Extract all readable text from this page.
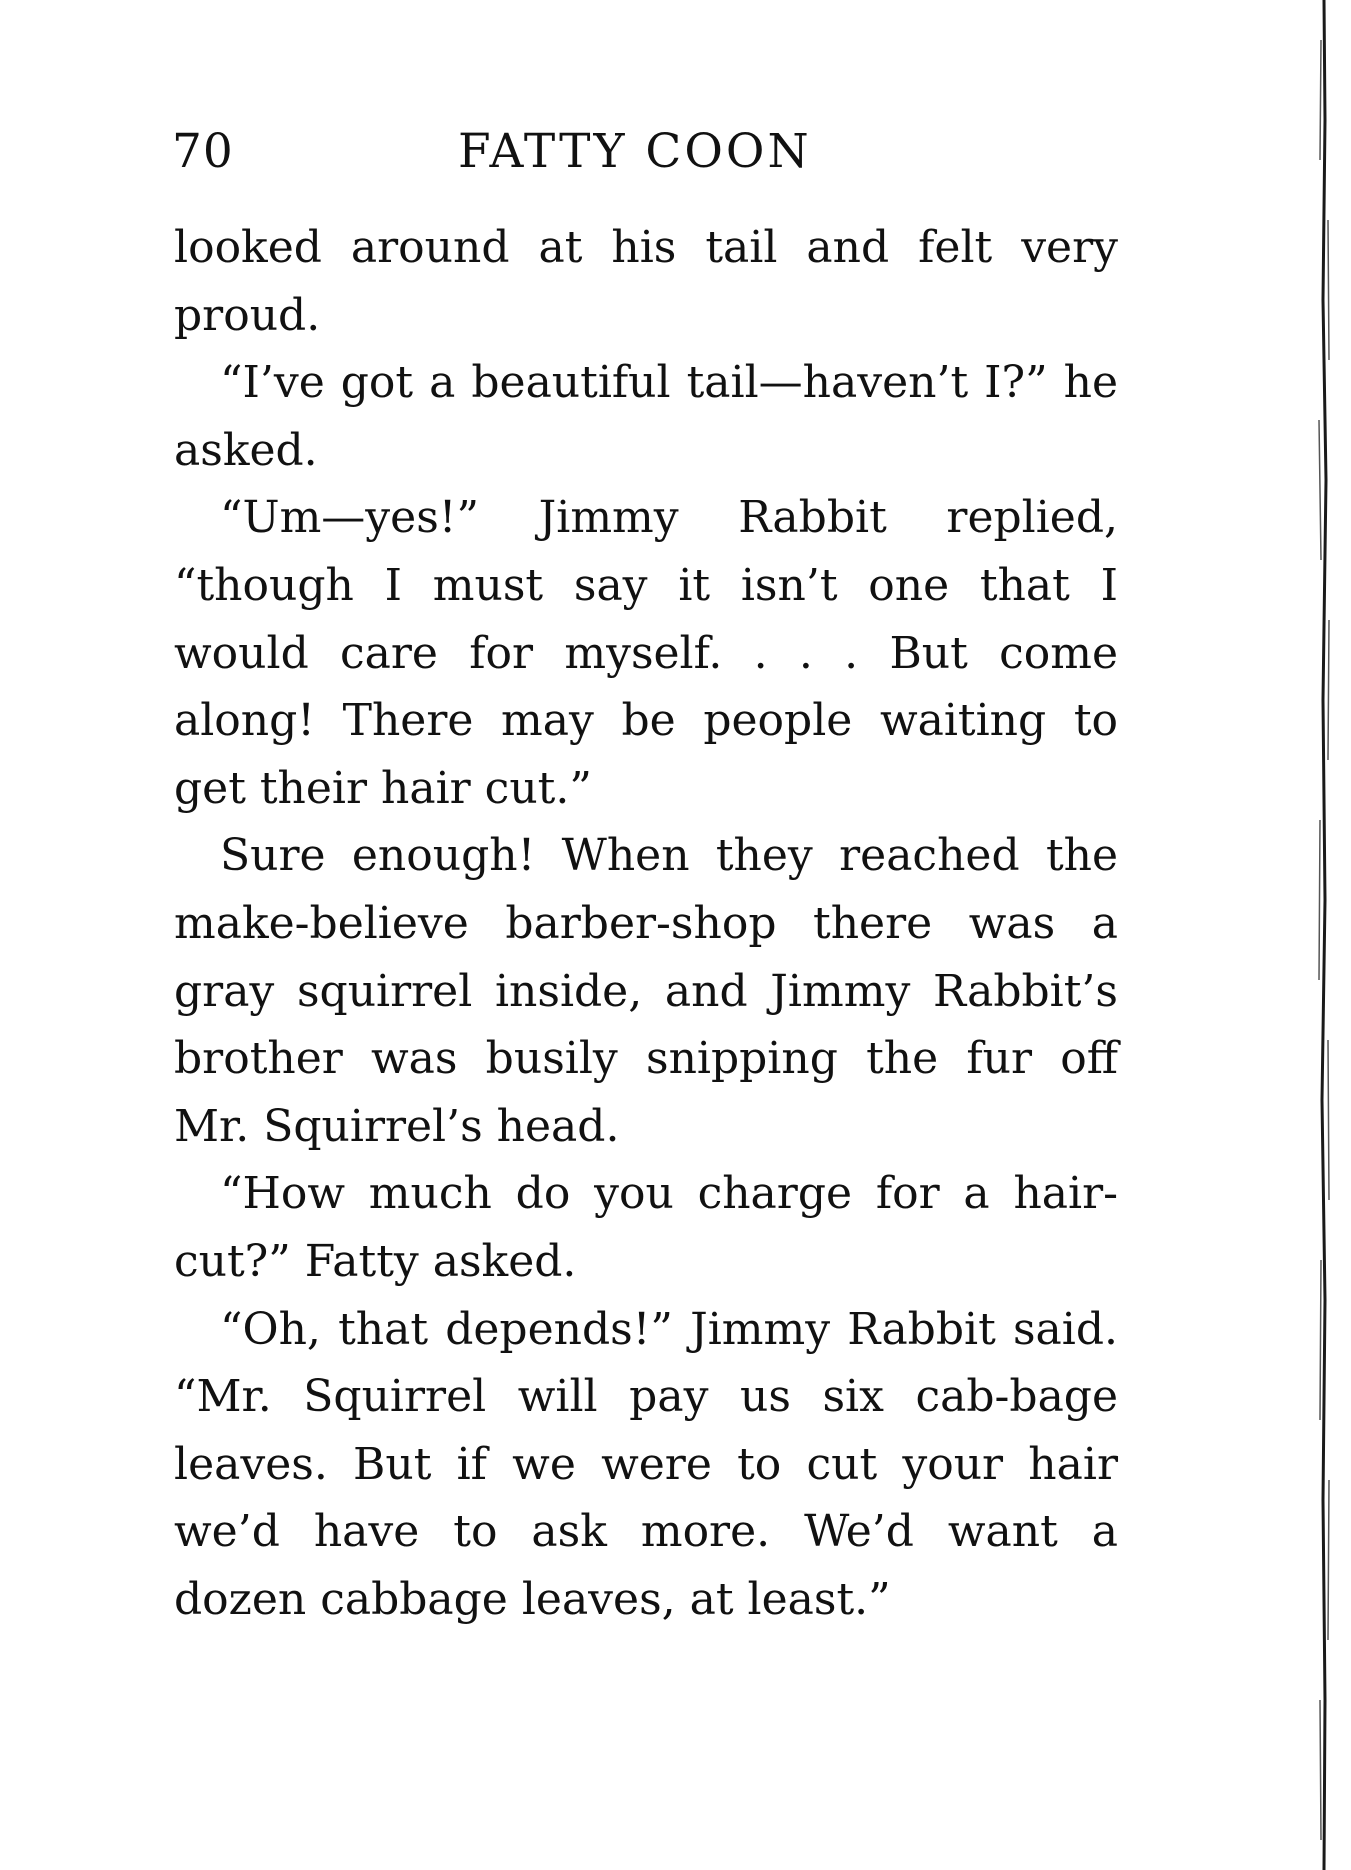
70	FATTY COON

looked around at his tail and felt very proud.

“I’ve got a beautiful tail—haven’t I?” he asked.

“Um—yes!” Jimmy Rabbit replied, “though I must say it isn’t one that I would care for myself. . . . But come along! There may be people waiting to get their hair cut.”

Sure enough! When they reached the make-believe barber-shop there was a gray squirrel inside, and Jimmy Rabbit’s brother was busily snipping the fur off Mr. Squirrel’s head.

“How much do you charge for a hair-cut?” Fatty asked.

“Oh, that depends!” Jimmy Rabbit said. “Mr. Squirrel will pay us six cab-bage leaves. But if we were to cut your hair we’d have to ask more. We’d want a dozen cabbage leaves, at least.”
